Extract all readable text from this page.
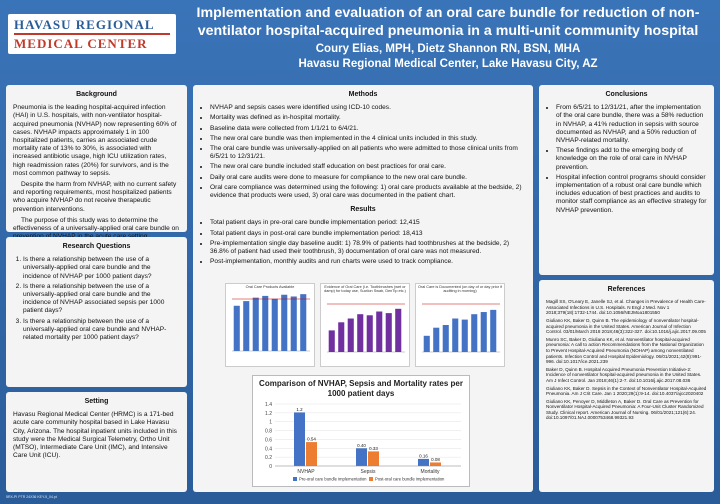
HAVASU REGIONAL
MEDICAL CENTER
Implementation and evaluation of an oral care bundle for reduction of non-ventilator hospital-acquired pneumonia in a multi-unit community hospital
Coury Elias, MPH, Dietz Shannon RN, BSN, MHA
Havasu Regional Medical Center, Lake Havasu City, AZ
Background

Pneumonia is the leading hospital-acquired infection (HAI) in U.S. hospitals, with non-ventilator hospital-acquired pneumonia (NVHAP) now representing 60% of cases. NVHAP impacts approximately 1 in 100 hospitalized patients, carries an associated crude mortality rate of 13% to 30%, is associated with increased antibiotic usage, high ICU utilization rates, high readmission rates (20%) for survivors, and is the most common pathway to sepsis.

Despite the harm from NVHAP, with no current safety and reporting requirements, most hospitalized patients who acquire NVHAP do not receive therapeutic prevention interventions.

The purpose of this study was to determine the effectiveness of a universally-applied oral care bundle on

Research Questions
1. Is there a relationship between the use of a universally-applied oral care bundle and the incidence of NVHAP per 1000 patient days?
2. Is there a relationship between the use of a universally-applied oral care bundle and the incidence of NVHAP associated sepsis per 1000 patient days?
3. Is there a relationship between the use of a universally-applied oral care bundle and NVHAP-related mortality per 1000 patient days?
Setting

Havasu Regional Medical Center (HRMC) is a 171-bed acute care community hospital based in Lake Havasu City, Arizona. The hospital inpatient units included in this study were the Medical Surgical Telemetry, Ortho Unit (MTSO), Intermediate Care Unit (IMC), and Intensive Care Unit (ICU).

Methods
• NVHAP and sepsis cases were identified using ICD-10 codes.
• Mortality was defined as in-hospital mortality.
• Baseline data were collected from 1/1/21 to 6/4/21.
• The new oral care bundle was then implemented in the 4 clinical units included in this study.
• The oral care bundle was universally-applied on all patients who were admitted to those clinical units from 6/5/21 to 12/31/21.
• The new oral care bundle included staff education on best practices for oral care.
• Daily oral care audits were done to measure for compliance to the new oral care bundle.
• Oral care compliance was determined using the following: 1) oral care products available at the bedside, 2) evidence that products were used, 3) oral care was documented in the patient chart.
Results
• Total patient days in pre-oral care bundle implementation period: 12,415
• Total patient days in post-oral care bundle implementation period: 18,413
• Pre-implementation single day baseline audit: 1) 78.9% of patients had toothbrushes at the bedside, 2) 36.8% of patient had used their toothbrush, 3) documentation of oral care was not measured.
• Post-implementation, monthly audits and run charts were used to track compliance.
Oral Care Products Available	Evidence of Oral Care (i.e. Toothbrushes (wet or damp) for today use, Suction Swab, DenTip etc.)
Oral Care is Documented (on day of or day prior if auditing in morning)
Comparison of NVHAP, Sepsis and Mortality rates per 1000 patient days
0
0.2
0.4
0.6
0.8
1
1.2
1.4
1.2
0.54
NVHAP
0.40
0.33
Sepsis
0.16
0.08
Mortality
Pre-oral care bundle implementation Post-oral care bundle implementation
Conclusions
• From 6/5/21 to 12/31/21, after the implementation of the oral care bundle, there was a 58% reduction in NVHAP, a 41% reduction in sepsis with source documented as NVHAP, and a 50% reduction of NVHAP-related mortality.
• These findings add to the emerging body of knowledge on the role of oral care in NVHAP prevention.
• Hospital infection control programs should consider implementation of a robust oral care bundle which includes education of best practices and audits to monitor staff compliance as an effective strategy for NVHAP prevention.
References

Magill SS, O'Leary E, Janelle SJ, et al. Changes in Prevalence of Health Care-Associated Infections in U.S. Hospitals. N Engl J Med. Nov 1 2018;379(18):1732-1744. doi:10.1056/NEJMoa1801550

Giuliano KK, Baker D, Quinn B. The epidemiology of nonventilator hospital-acquired pneumonia in the United States. American Journal of Infection Control. 03/01/March 2018 2018;46(3):322-327. doi:10.1016/j.ajic.2017.09.005

Munro SC, Baker D, Giuliano KK, et al. Nonventilator hospital-acquired pneumonia: A call to action Recommendations from the National Organization to Prevent Hospital-Acquired Pneumonia (NOHAP) among nonventilated patients. Infection Control and Hospital Epidemiology. 06/01/2021;42(8):991-996. doi:10.1017/ice.2021.239

Baker D, Quinn B. Hospital Acquired Pneumonia Prevention Initiative-2: Incidence of nonventilator hospital-acquired pneumonia in the United States. Am J Infect Control. Jan 2018;46(1):2-7. doi:10.1016/j.ajic.2017.08.036

Giuliano KK, Baker D. Sepsis in the Context of Nonventilator Hospital-Acquired Pneumonia. Am J Crit Care. Jan 1 2020;29(1):9-14. doi:10.4037/ajcc2020402

Giuliano KK, Penoyer D, Middleton A, Baker D. Oral Care as Prevention for Nonventilator Hospital-Acquired Pneumonia: A Four-Unit Cluster Randomized Study. Clinical report. American Journal of Nursing. 06/01/2021;121(6):24. doi:10.1097/01.NAJ.0000753468.99321.93

5RX-PI PTR 24X36 KEY-5_04.pt
